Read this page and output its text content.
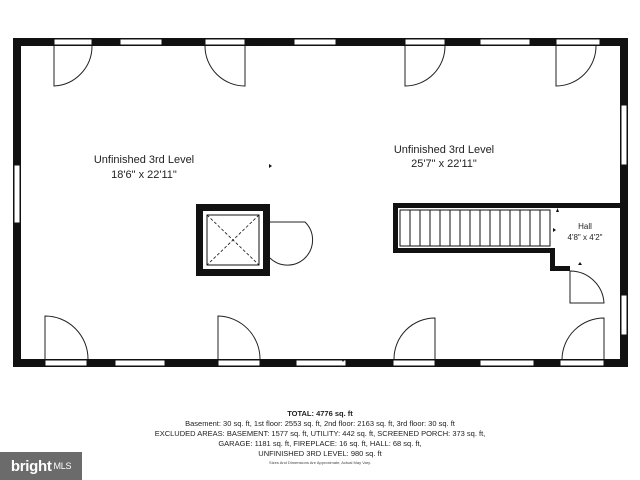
Unfinished 3rd Level
18'6" x 22'11"
Unfinished 3rd Level
25'7" x 22'11"
Hall
4'8" x 4'2"
TOTAL: 4776 sq. ft
Basement: 30 sq. ft, 1st floor: 2553 sq. ft, 2nd floor: 2163 sq. ft, 3rd floor: 30 sq. ft
EXCLUDED AREAS: BASEMENT: 1577 sq. ft, UTILITY: 442 sq. ft, SCREENED PORCH: 373 sq. ft,
GARAGE: 1181 sq. ft, FIREPLACE: 16 sq. ft, HALL: 68 sq. ft,
UNFINISHED 3RD LEVEL: 980 sq. ft
Sizes And Dimensions Are Approximate, Actual May Vary.
bright MLS
